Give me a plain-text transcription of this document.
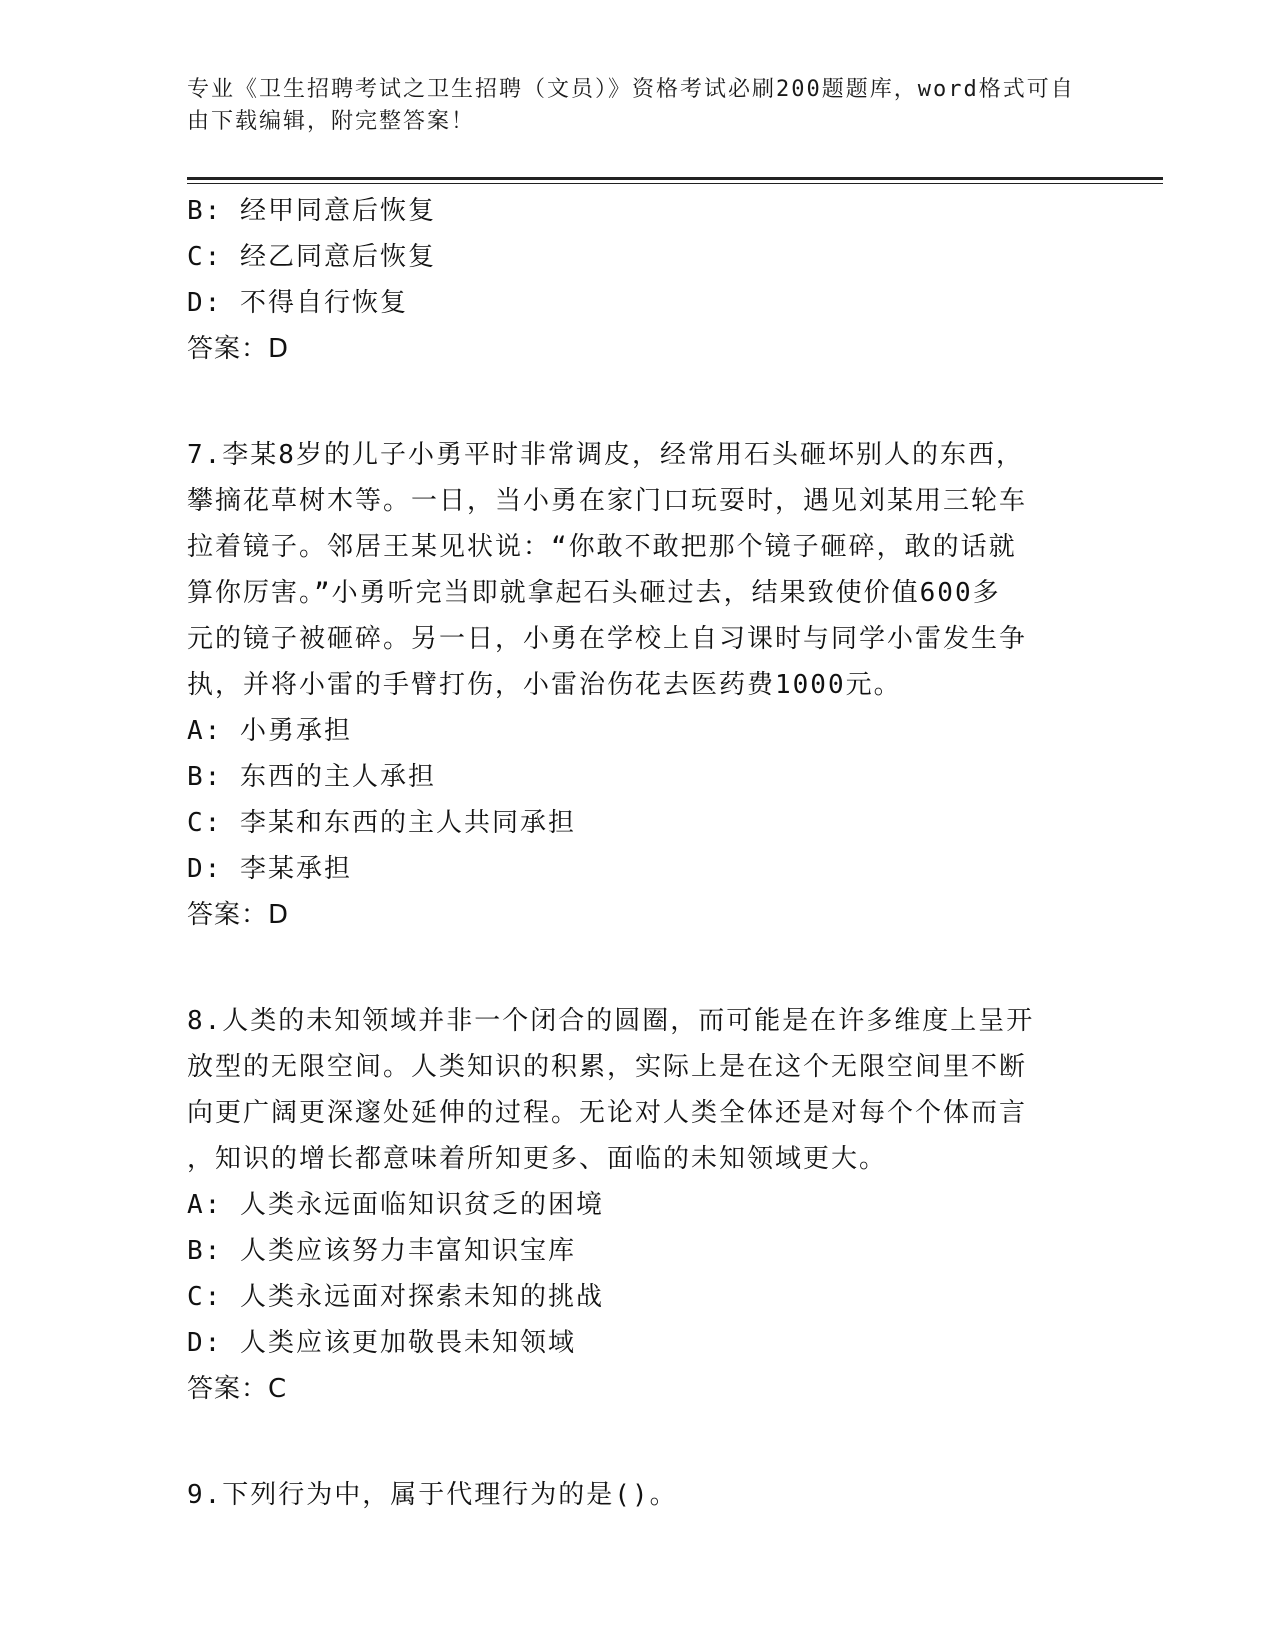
专业《卫生招聘考试之卫生招聘（文员）》资格考试必刷200题题库，word格式可自由下载编辑，附完整答案！
B: 经甲同意后恢复
C: 经乙同意后恢复
D: 不得自行恢复
答案：D
7.李某8岁的儿子小勇平时非常调皮，经常用石头砸坏别人的东西，
攀摘花草树木等。一日，当小勇在家门口玩耍时，遇见刘某用三轮车
拉着镜子。邻居王某见状说：“你敢不敢把那个镜子砸碎，敢的话就
算你厉害。”小勇听完当即就拿起石头砸过去，结果致使价值600多
元的镜子被砸碎。另一日，小勇在学校上自习课时与同学小雷发生争
执，并将小雷的手臂打伤，小雷治伤花去医药费1000元。
A: 小勇承担
B: 东西的主人承担
C: 李某和东西的主人共同承担
D: 李某承担
答案：D
8.人类的未知领域并非一个闭合的圆圈，而可能是在许多维度上呈开
放型的无限空间。人类知识的积累，实际上是在这个无限空间里不断
向更广阔更深邃处延伸的过程。无论对人类全体还是对每个个体而言
，知识的增长都意味着所知更多、面临的未知领域更大。
A: 人类永远面临知识贫乏的困境
B: 人类应该努力丰富知识宝库
C: 人类永远面对探索未知的挑战
D: 人类应该更加敬畏未知领域
答案：C
9.下列行为中，属于代理行为的是()。
